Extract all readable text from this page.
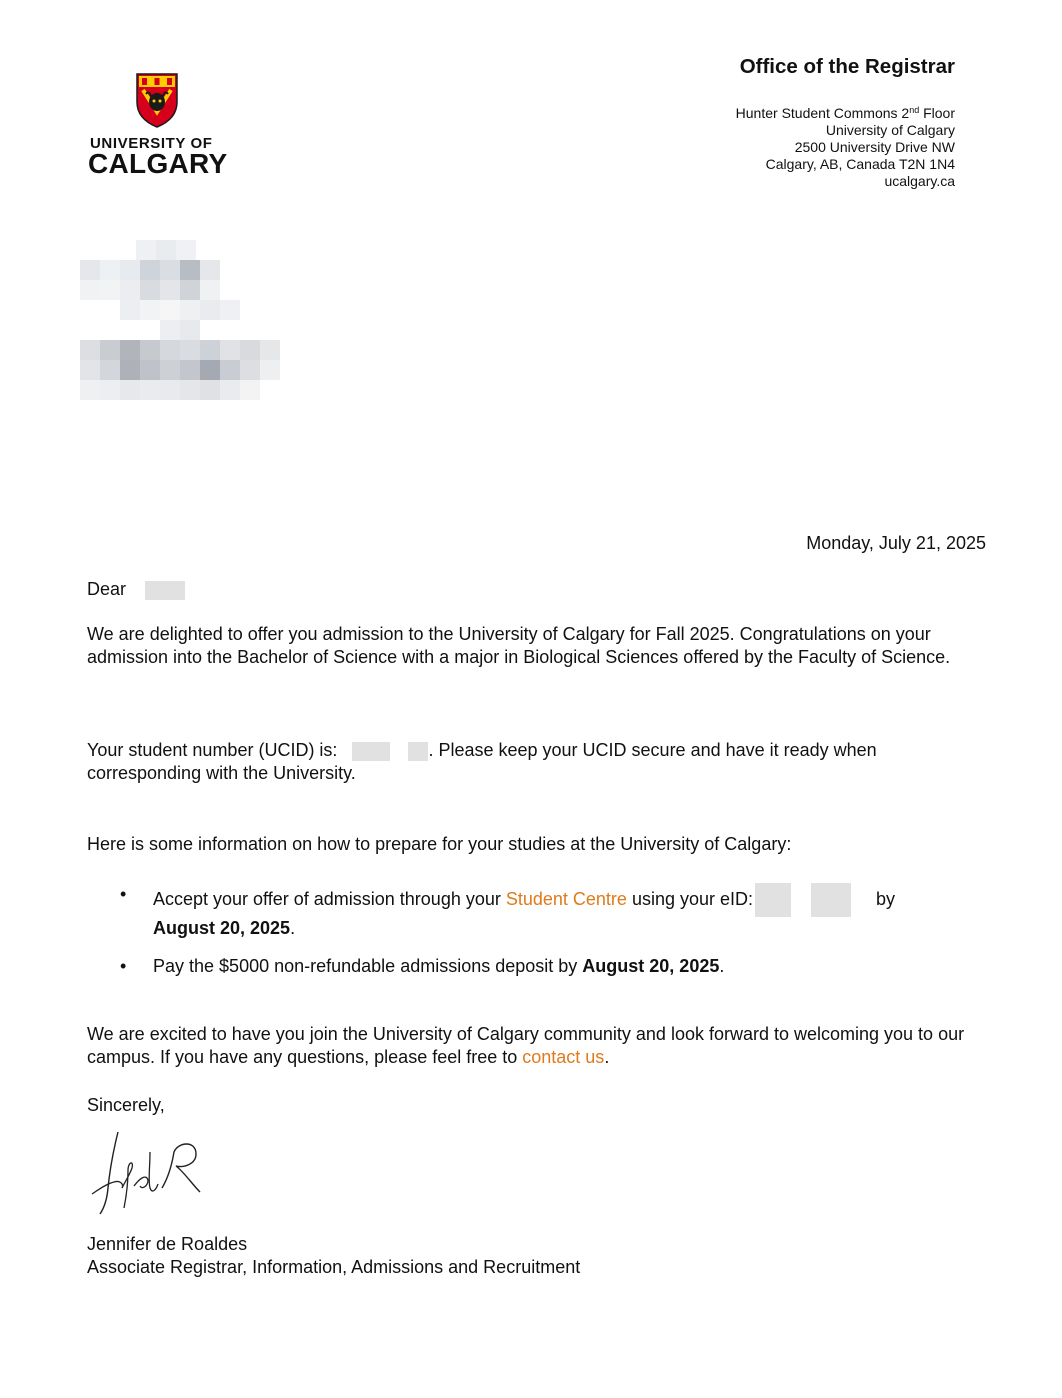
UNIVERSITY OF
CALGARY
Office of the Registrar
Hunter Student Commons 2nd Floor
University of Calgary
2500 University Drive NW
Calgary, AB, Canada T2N 1N4
ucalgary.ca
Monday, July 21, 2025
Dear
We are delighted to offer you admission to the University of Calgary for Fall 2025. Congratulations on your admission into the Bachelor of Science with a major in Biological Sciences offered by the Faculty of Science.
Your student number (UCID) is:	. Please keep your UCID secure and have it ready when corresponding with the University.
Here is some information on how to prepare for your studies at the University of Calgary:
• Accept your offer of admission through your Student Centre using your eID:	by
August 20, 2025.
• Pay the $5000 non-refundable admissions deposit by August 20, 2025.
We are excited to have you join the University of Calgary community and look forward to welcoming you to our campus. If you have any questions, please feel free to contact us.
Sincerely,
Jennifer de Roaldes
Associate Registrar, Information, Admissions and Recruitment
